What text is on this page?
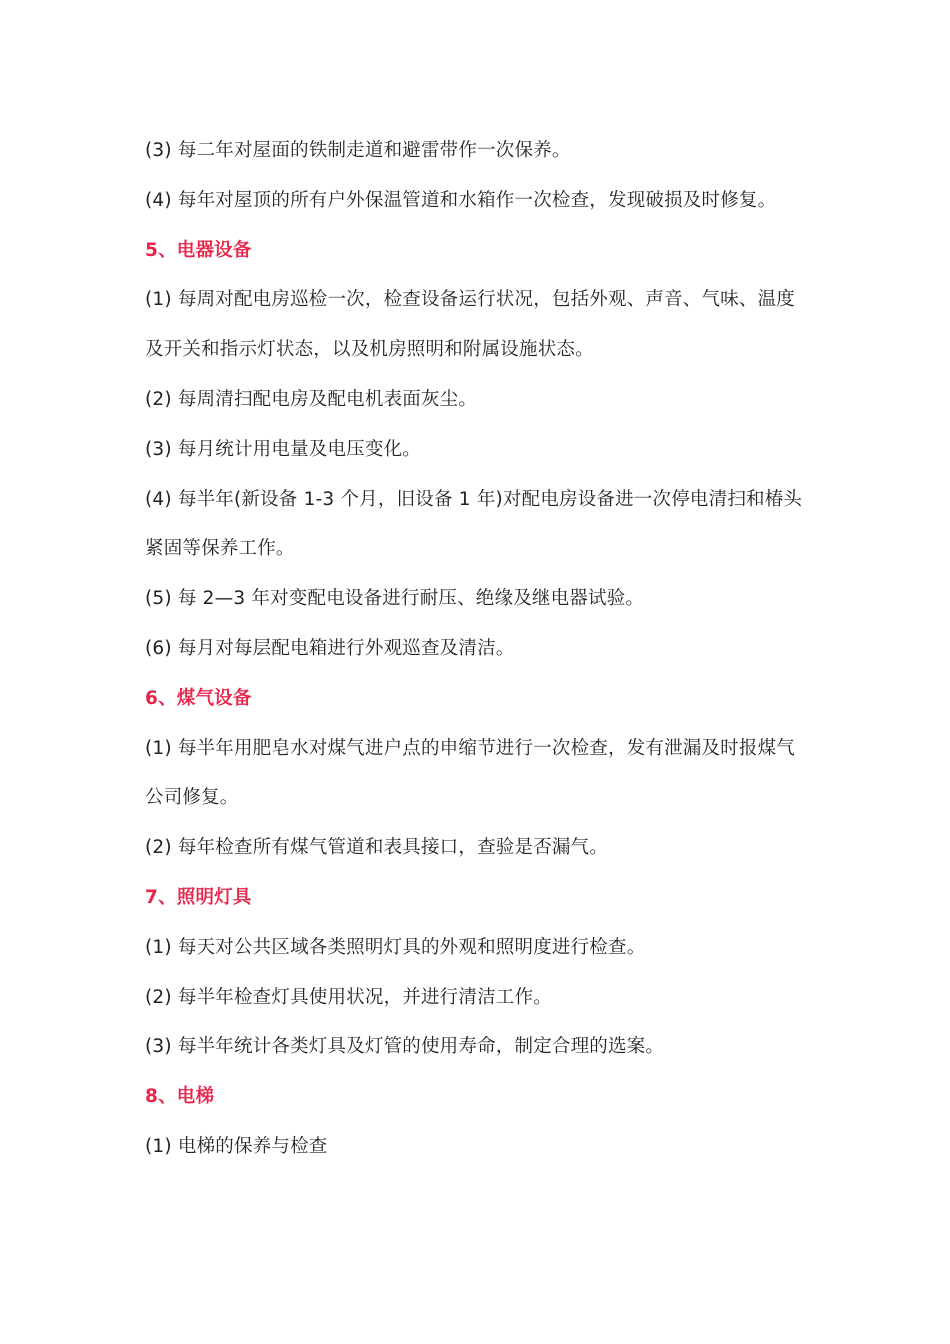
(3) 每二年对屋面的铁制走道和避雷带作一次保养。

(4) 每年对屋顶的所有户外保温管道和水箱作一次检查，发现破损及时修复。

5、电器设备

(1) 每周对配电房巡检一次，检查设备运行状况，包括外观、声音、气味、温度

及开关和指示灯状态，以及机房照明和附属设施状态。

(2) 每周清扫配电房及配电机表面灰尘。

(3) 每月统计用电量及电压变化。

(4) 每半年(新设备 1-3 个月，旧设备 1 年)对配电房设备进一次停电清扫和椿头

紧固等保养工作。

(5) 每 2—3 年对变配电设备进行耐压、绝缘及继电器试验。

(6) 每月对每层配电箱进行外观巡查及清洁。

6、煤气设备

(1) 每半年用肥皂水对煤气进户点的申缩节进行一次检查，发有泄漏及时报煤气

公司修复。

(2) 每年检查所有煤气管道和表具接口，查验是否漏气。

7、照明灯具

(1) 每天对公共区域各类照明灯具的外观和照明度进行检查。

(2) 每半年检查灯具使用状况，并进行清洁工作。

(3) 每半年统计各类灯具及灯管的使用寿命，制定合理的选案。

8、电梯

(1) 电梯的保养与检查
